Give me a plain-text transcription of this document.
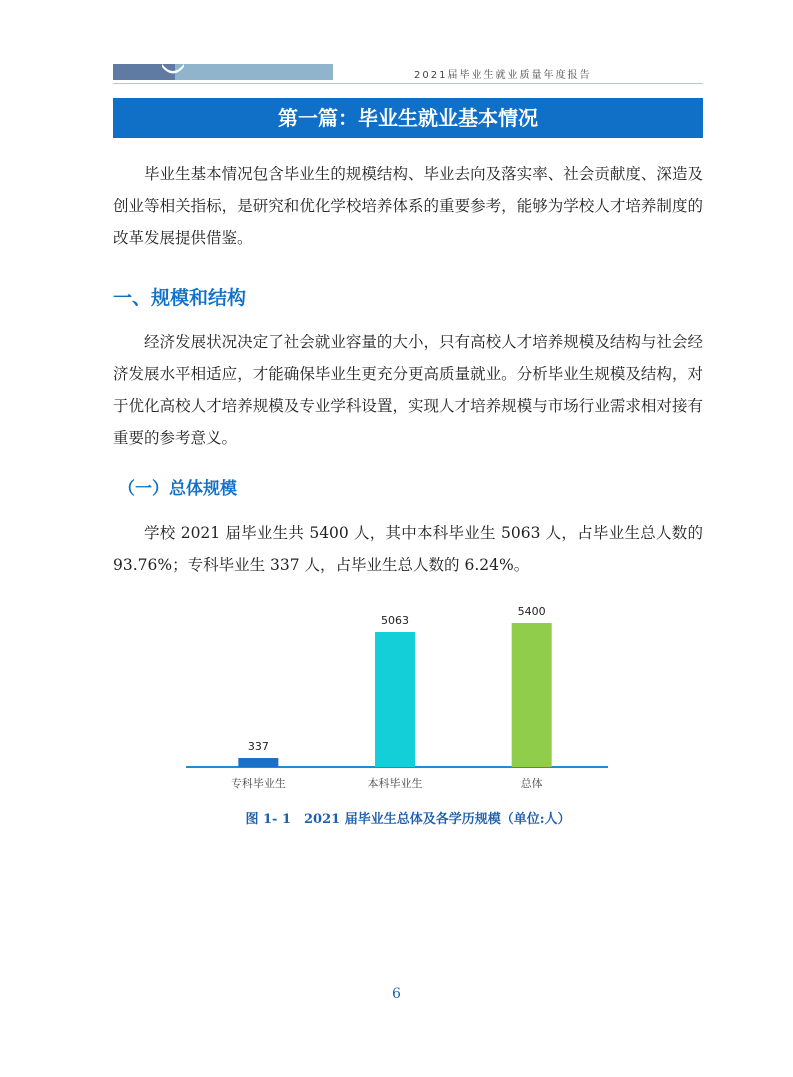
2021届毕业生就业质量年度报告
第一篇：毕业生就业基本情况

毕业生基本情况包含毕业生的规模结构、毕业去向及落实率、社会贡献度、深造及创业等相关指标，是研究和优化学校培养体系的重要参考，能够为学校人才培养制度的改革发展提供借鉴。

一、规模和结构

经济发展状况决定了社会就业容量的大小，只有高校人才培养规模及结构与社会经济发展水平相适应，才能确保毕业生更充分更高质量就业。分析毕业生规模及结构，对于优化高校人才培养规模及专业学科设置，实现人才培养规模与市场行业需求相对接有重要的参考意义。

（一）总体规模

学校 2021 届毕业生共 5400 人，其中本科毕业生 5063 人，占毕业生总人数的 93.76%；专科毕业生 337 人，占毕业生总人数的 6.24%。

337
专科毕业生
5063
本科毕业生
5400
总体
图 1- 1　2021 届毕业生总体及各学历规模（单位:人）
6
